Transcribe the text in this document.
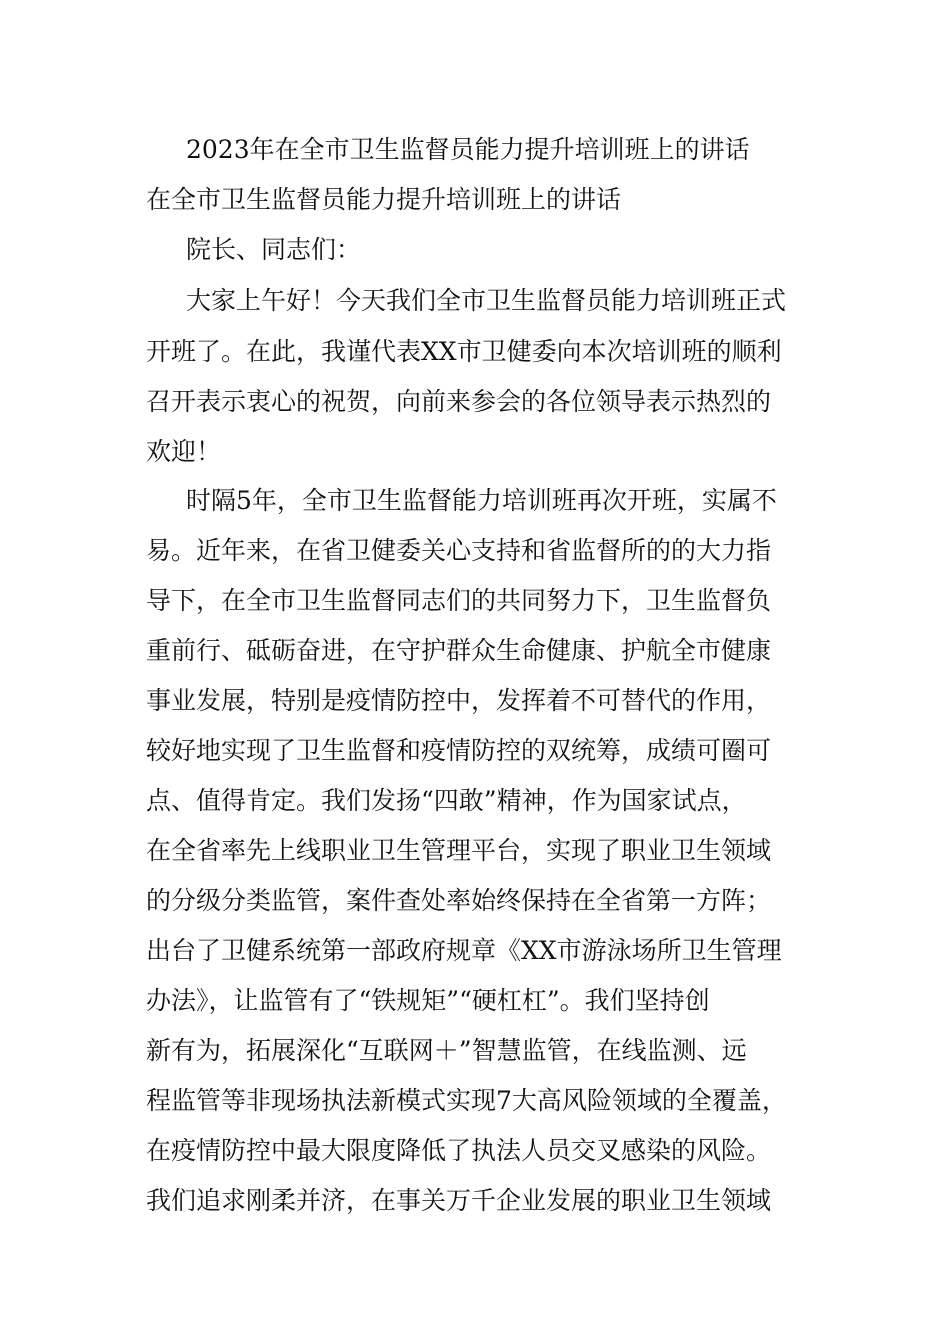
2023年在全市卫生监督员能力提升培训班上的讲话
在全市卫生监督员能力提升培训班上的讲话
院长、同志们：
大家上午好！今天我们全市卫生监督员能力培训班正式
开班了。在此，我谨代表XX市卫健委向本次培训班的顺利
召开表示衷心的祝贺，向前来参会的各位领导表示热烈的
欢迎！
时隔5年，全市卫生监督能力培训班再次开班，实属不
易。近年来，在省卫健委关心支持和省监督所的的大力指
导下，在全市卫生监督同志们的共同努力下，卫生监督负
重前行、砥砺奋进，在守护群众生命健康、护航全市健康
事业发展，特别是疫情防控中，发挥着不可替代的作用，
较好地实现了卫生监督和疫情防控的双统筹，成绩可圈可
点、值得肯定。我们发扬“四敢”精神，作为国家试点，
在全省率先上线职业卫生管理平台，实现了职业卫生领域
的分级分类监管，案件查处率始终保持在全省第一方阵；
出台了卫健系统第一部政府规章《XX市游泳场所卫生管理
办法》，让监管有了“铁规矩”“硬杠杠”。我们坚持创
新有为，拓展深化“互联网＋”智慧监管，在线监测、远
程监管等非现场执法新模式实现7大高风险领域的全覆盖，
在疫情防控中最大限度降低了执法人员交叉感染的风险。
我们追求刚柔并济，在事关万千企业发展的职业卫生领域
